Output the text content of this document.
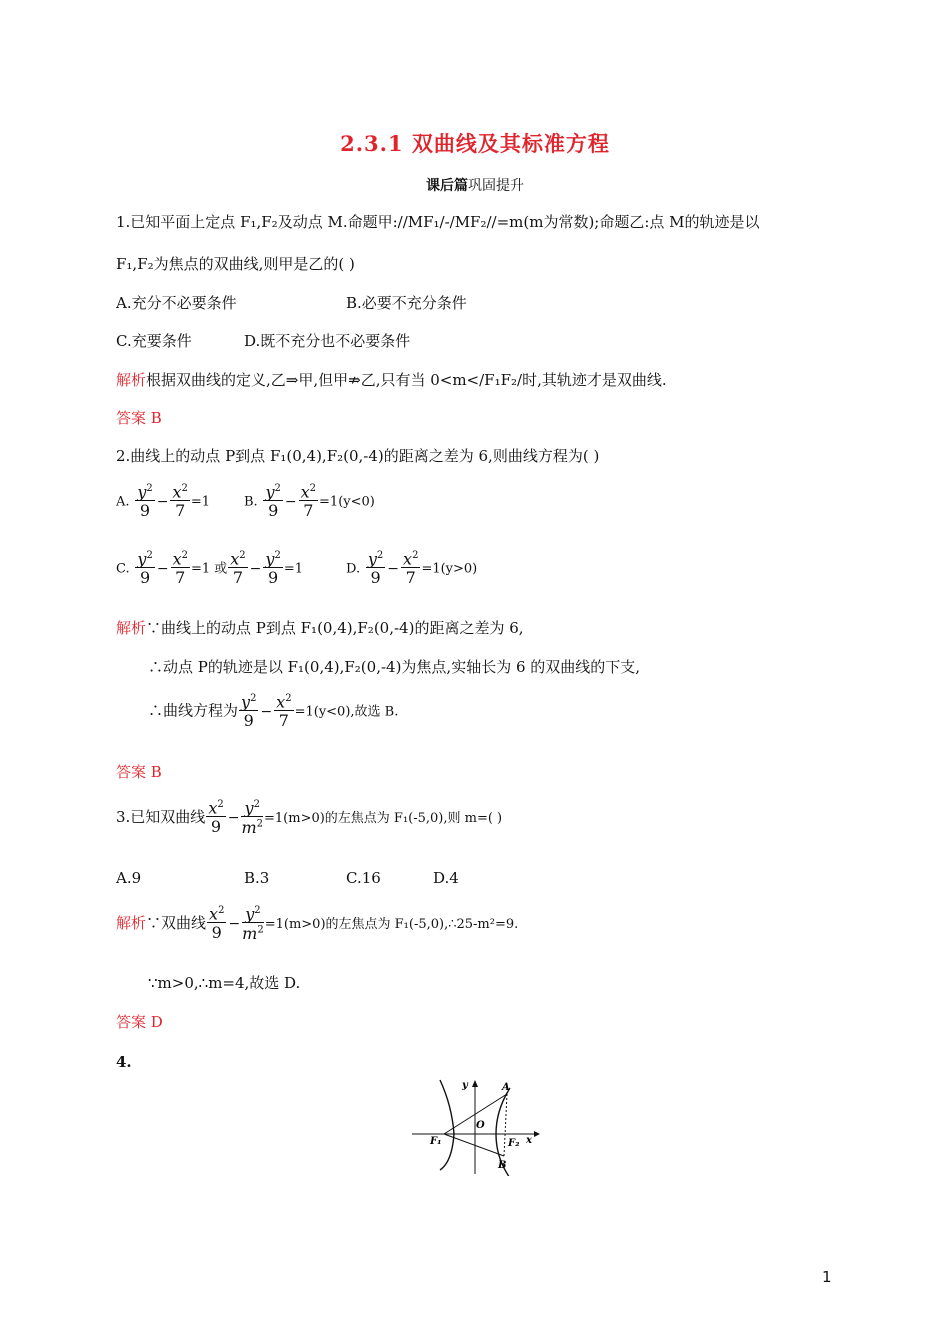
2.3.1 双曲线及其标准方程
课后篇巩固提升
1.已知平面上定点 F₁,F₂及动点 M.命题甲://MF₁/-/MF₂//=m(m为常数);命题乙:点 M的轨迹是以
F₁,F₂为焦点的双曲线,则甲是乙的( )
A.充分不必要条件	B.必要不充分条件
C.充要条件	D.既不充分也不必要条件
解析根据双曲线的定义,乙⇒甲,但甲⇏乙,只有当 0<m</F₁F₂/时,其轨迹才是双曲线.
答案 B
2.曲线上的动点 P到点 F₁(0,4),F₂(0,-4)的距离之差为 6,则曲线方程为( )
A. $\frac{y^2}{9} - \frac{x^2}{7} =1$	B. $\frac{y^2}{9} - \frac{x^2}{7} =1(y<0)$
C. $\frac{y^2}{9} - \frac{x^2}{7} =1$ 或 $\frac{x^2}{7} - \frac{y^2}{9} =1$	D. $\frac{y^2}{9} - \frac{x^2}{7} =1(y>0)$
解析∵曲线上的动点 P到点 F₁(0,4),F₂(0,-4)的距离之差为 6,
∴动点 P的轨迹是以 F₁(0,4),F₂(0,-4)为焦点,实轴长为 6 的双曲线的下支,
∴曲线方程为 $\frac{y^2}{9} - \frac{x^2}{7} =1(y<0)$,故选 B.
答案 B
3.已知双曲线 $\frac{x^2}{9} - \frac{y^2}{m^2} =1(m>0)$的左焦点为 F₁(-5,0),则 m=( )
A.9	B.3	C.16	D.4
解析∵双曲线 $\frac{x^2}{9} - \frac{y^2}{m^2} =1(m>0)$的左焦点为 F₁(-5,0),∴25-m²=9.
∵m>0,∴m=4,故选 D.
答案 D
4.
y
x
O
A
B
F₁	F₂
1
